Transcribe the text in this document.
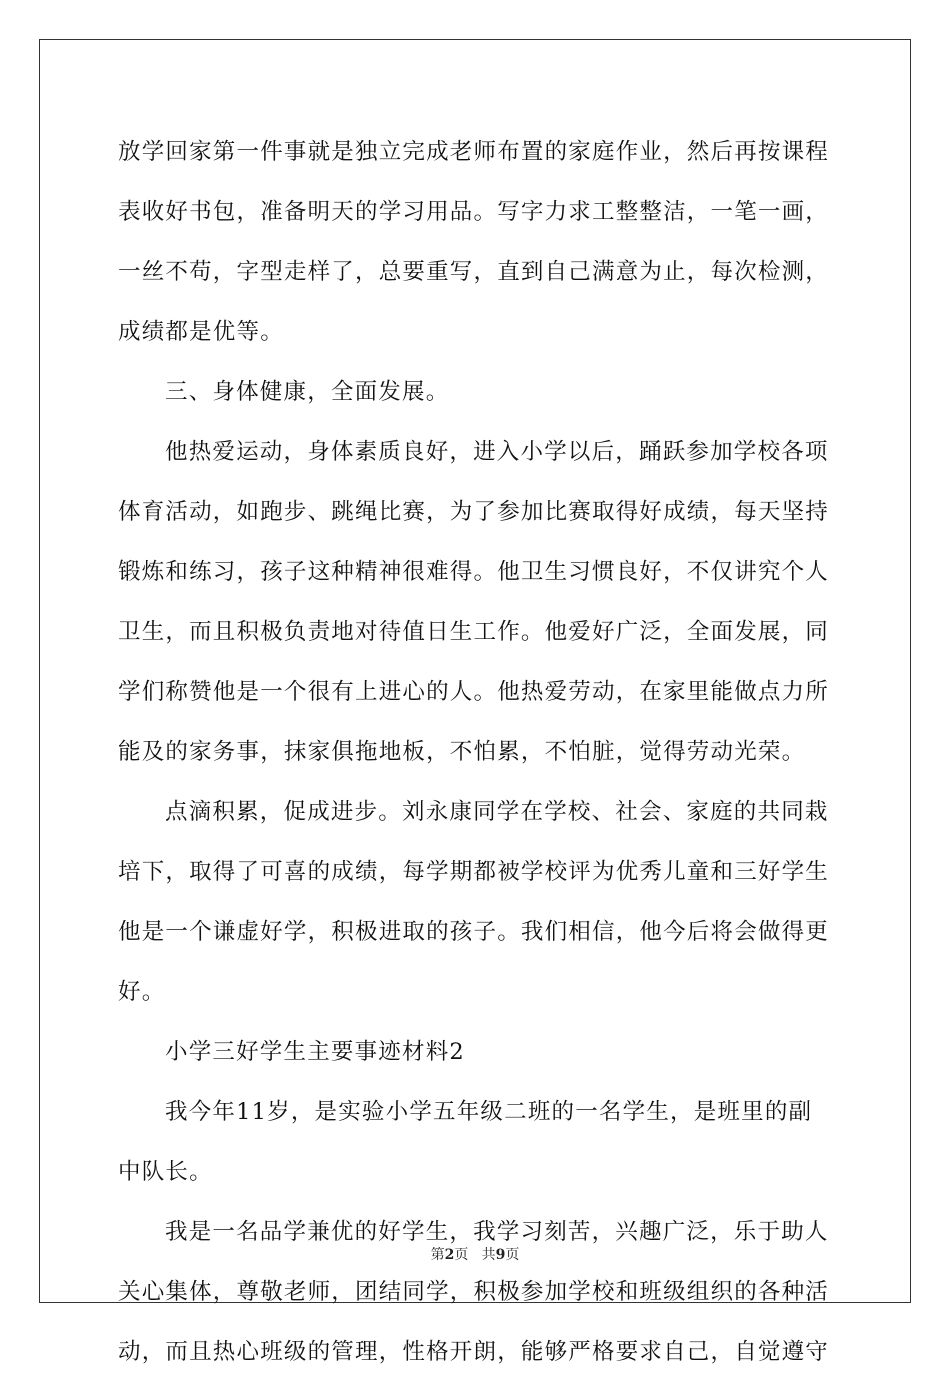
放学回家第一件事就是独立完成老师布置的家庭作业，然后再按课程
表收好书包，准备明天的学习用品。写字力求工整整洁，一笔一画，
一丝不苟，字型走样了，总要重写，直到自己满意为止，每次检测，
成绩都是优等。
三、身体健康，全面发展。
他热爱运动，身体素质良好，进入小学以后，踊跃参加学校各项
体育活动，如跑步、跳绳比赛，为了参加比赛取得好成绩，每天坚持
锻炼和练习，孩子这种精神很难得。他卫生习惯良好，不仅讲究个人
卫生，而且积极负责地对待值日生工作。他爱好广泛，全面发展，同
学们称赞他是一个很有上进心的人。他热爱劳动，在家里能做点力所
能及的家务事，抹家俱拖地板，不怕累，不怕脏，觉得劳动光荣。
点滴积累，促成进步。刘永康同学在学校、社会、家庭的共同栽
培下，取得了可喜的成绩，每学期都被学校评为优秀儿童和三好学生
他是一个谦虚好学，积极进取的孩子。我们相信，他今后将会做得更
好。
小学三好学生主要事迹材料2
我今年11岁，是实验小学五年级二班的一名学生，是班里的副
中队长。
我是一名品学兼优的好学生，我学习刻苦，兴趣广泛，乐于助人
关心集体，尊敬老师，团结同学，积极参加学校和班级组织的各种活
动，而且热心班级的管理，性格开朗，能够严格要求自己，自觉遵守
第2页 共9页
